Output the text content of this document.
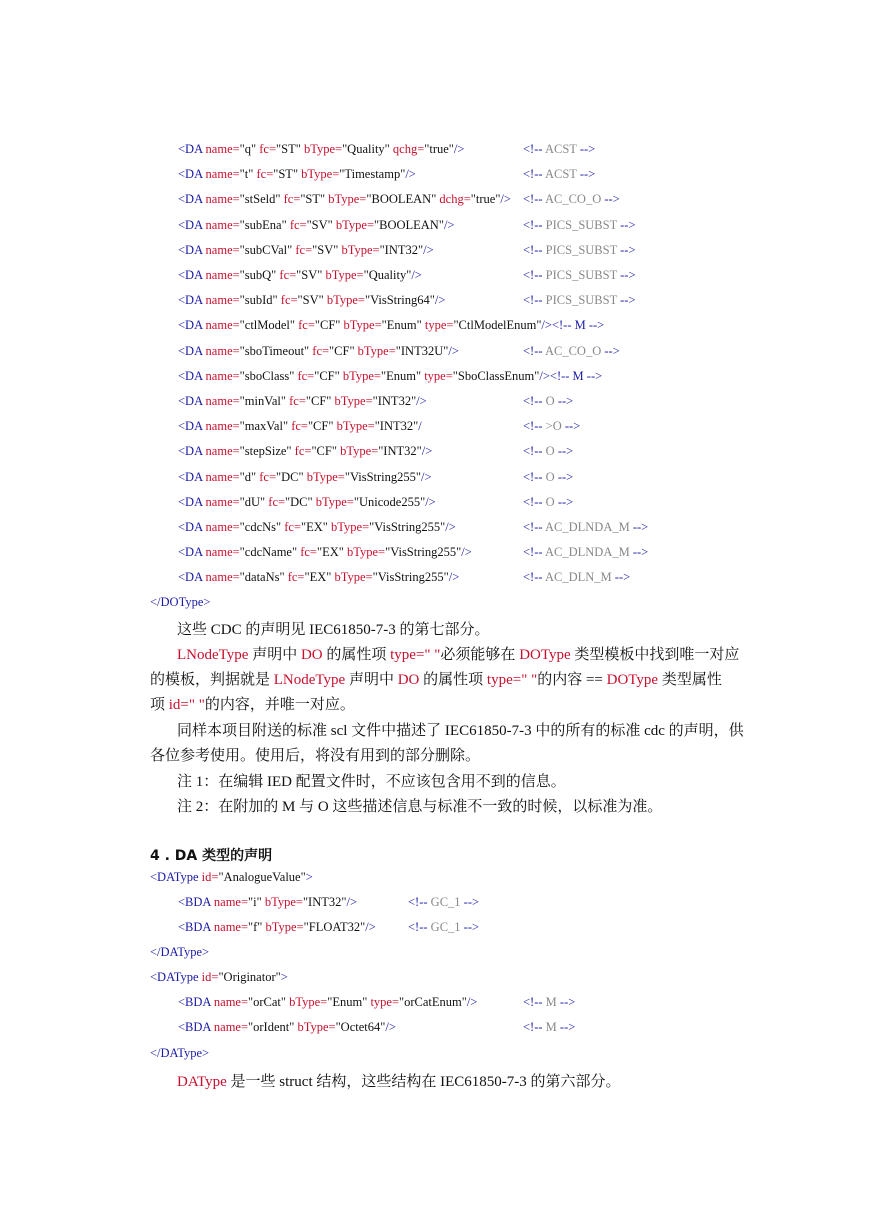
</DOType>
这些 CDC 的声明见 IEC61850-7-3 的第七部分。
LNodeType 声明中 DO 的属性项 type=" "必须能够在 DOType 类型模板中找到唯一对应
的模板，判据就是 LNodeType 声明中 DO 的属性项 type=" "的内容 == DOType 类型属性
项 id=" "的内容，并唯一对应。
同样本项目附送的标准 scl 文件中描述了 IEC61850-7-3 中的所有的标准 cdc 的声明，供
各位参考使用。使用后，将没有用到的部分删除。
注 1：在编辑 IED 配置文件时，不应该包含用不到的信息。
注 2：在附加的 M 与 O 这些描述信息与标准不一致的时候，以标准为准。
4 . DA 类型的声明
</DAType>
</DAType>
DAType 是一些 struct 结构，这些结构在 IEC61850-7-3 的第六部分。
<DA name="q" fc="ST" bType="Quality" qchg="true"/>	<!-- ACST -->
<DA name="t" fc="ST" bType="Timestamp"/>	<!-- ACST -->
<DA name="stSeld" fc="ST" bType="BOOLEAN" dchg="true"/> <!-- AC_CO_O -->
<DA name="subEna" fc="SV" bType="BOOLEAN"/>	<!-- PICS_SUBST -->
<DA name="subCVal" fc="SV" bType="INT32"/>	<!-- PICS_SUBST -->
<DA name="subQ" fc="SV" bType="Quality"/>	<!-- PICS_SUBST -->
<DA name="subId" fc="SV" bType="VisString64"/>	<!-- PICS_SUBST -->
<DA name="ctlModel" fc="CF" bType="Enum" type="CtlModelEnum"/><!-- M -->
<DA name="sboTimeout" fc="CF" bType="INT32U"/>	<!-- AC_CO_O -->
<DA name="sboClass" fc="CF" bType="Enum" type="SboClassEnum"/><!-- M -->
<DA name="minVal" fc="CF" bType="INT32"/>	<!-- O -->
<DA name="maxVal" fc="CF" bType="INT32"/	<!-- >O -->
<DA name="stepSize" fc="CF" bType="INT32"/>	<!-- O -->
<DA name="d" fc="DC" bType="VisString255"/>	<!-- O -->
<DA name="dU" fc="DC" bType="Unicode255"/>	<!-- O -->
<DA name="cdcNs" fc="EX" bType="VisString255"/>	<!-- AC_DLNDA_M -->
<DA name="cdcName" fc="EX" bType="VisString255"/>	<!-- AC_DLNDA_M -->
<DA name="dataNs" fc="EX" bType="VisString255"/>	<!-- AC_DLN_M -->
<DAType id="AnalogueValue">
<BDA name="i" bType="INT32"/>	<!-- GC_1 -->
<BDA name="f" bType="FLOAT32"/>	<!-- GC_1 -->
<DAType id="Originator">
<BDA name="orCat" bType="Enum" type="orCatEnum"/>	<!-- M -->
<BDA name="orIdent" bType="Octet64"/>	<!-- M -->
